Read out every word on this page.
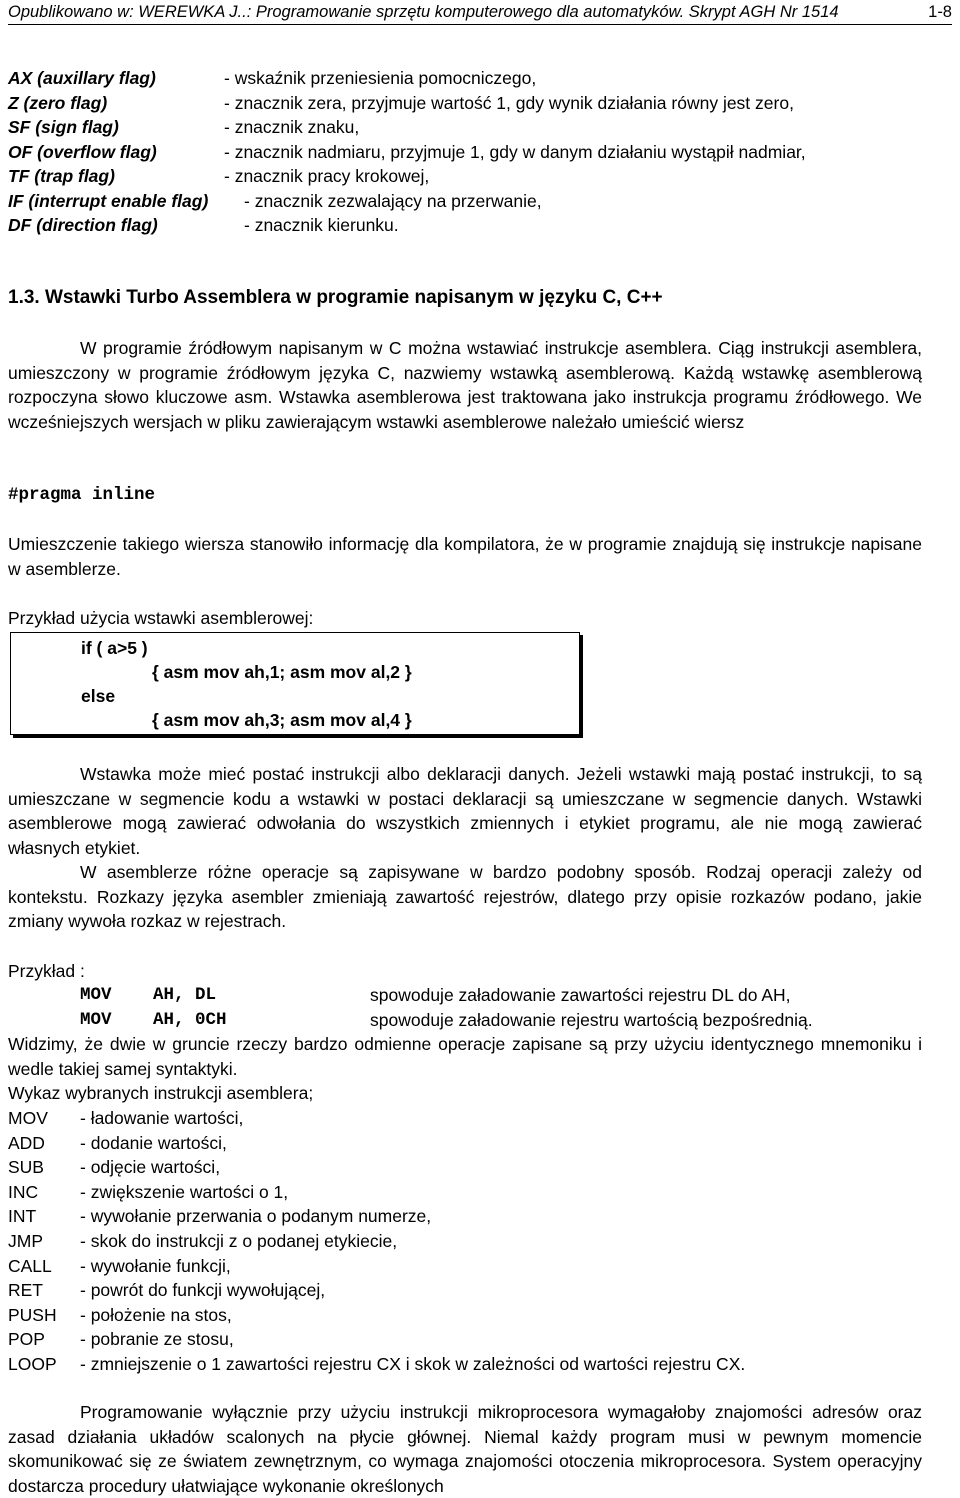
Opublikowano w: WEREWKA J..: Programowanie sprzętu komputerowego dla automatyków. Skrypt AGH Nr 1514	1-8
AX (auxillary flag)	- wskaźnik przeniesienia pomocniczego,
Z (zero flag)	- znacznik zera, przyjmuje wartość 1, gdy wynik działania równy jest zero,
SF (sign flag)	- znacznik znaku,
OF (overflow flag)	- znacznik nadmiaru, przyjmuje 1, gdy w danym działaniu wystąpił nadmiar,
TF (trap flag)	- znacznik pracy krokowej,
IF (interrupt enable flag) - znacznik zezwalający na przerwanie,
DF (direction flag)	- znacznik kierunku.
1.3. Wstawki Turbo Assemblera w programie napisanym w języku C, C++

W programie źródłowym napisanym w C można wstawiać instrukcje asemblera. Ciąg instrukcji asemblera, umieszczony w programie źródłowym języka C, nazwiemy wstawką asemblerową. Każdą wstawkę asemblerową rozpoczyna słowo kluczowe asm. Wstawka asemblerowa jest traktowana jako instrukcja programu źródłowego. We wcześniejszych wersjach w pliku zawierającym wstawki asemblerowe należało umieścić wiersz

#pragma inline

Umieszczenie takiego wiersza stanowiło informację dla kompilatora, że w programie znajdują się instrukcje napisane w asemblerze.

Przykład użycia wstawki asemblerowej:
if ( a>5 )
{ asm mov ah,1; asm mov al,2 }
else
{ asm mov ah,3; asm mov al,4 }

Wstawka może mieć postać instrukcji albo deklaracji danych. Jeżeli wstawki mają postać instrukcji, to są umieszczane w segmencie kodu a wstawki w postaci deklaracji są umieszczane w segmencie danych. Wstawki asemblerowe mogą zawierać odwołania do wszystkich zmiennych i etykiet programu, ale nie mogą zawierać własnych etykiet.

W asemblerze różne operacje są zapisywane w bardzo podobny sposób. Rodzaj operacji zależy od kontekstu. Rozkazy języka asembler zmieniają zawartość rejestrów, dlatego przy opisie rozkazów podano, jakie zmiany wywoła rozkaz w rejestrach.

Przykład :
MOV AH, DL	spowoduje załadowanie zawartości rejestru DL do AH,
MOV AH, 0CH	spowoduje załadowanie rejestru wartością bezpośrednią.

Widzimy, że dwie w gruncie rzeczy bardzo odmienne operacje zapisane są przy użyciu identycznego mnemoniku i wedle takiej samej syntaktyki.

Wykaz wybranych instrukcji asemblera;
MOV - ładowanie wartości,
ADD - dodanie wartości,
SUB - odjęcie wartości,
INC - zwiększenie wartości o 1,
INT	- wywołanie przerwania o podanym numerze,
JMP - skok do instrukcji z o podanej etykiecie,
CALL - wywołanie funkcji,
RET - powrót do funkcji wywołującej,
PUSH - położenie na stos,
POP - pobranie ze stosu,
LOOP - zmniejszenie o 1 zawartości rejestru CX i skok w zależności od wartości rejestru CX.

Programowanie wyłącznie przy użyciu instrukcji mikroprocesora wymagałoby znajomości adresów oraz zasad działania układów scalonych na płycie głównej. Niemal każdy program musi w pewnym momencie skomunikować się ze światem zewnętrznym, co wymaga znajomości otoczenia mikroprocesora. System operacyjny dostarcza procedury ułatwiające wykonanie określonych
